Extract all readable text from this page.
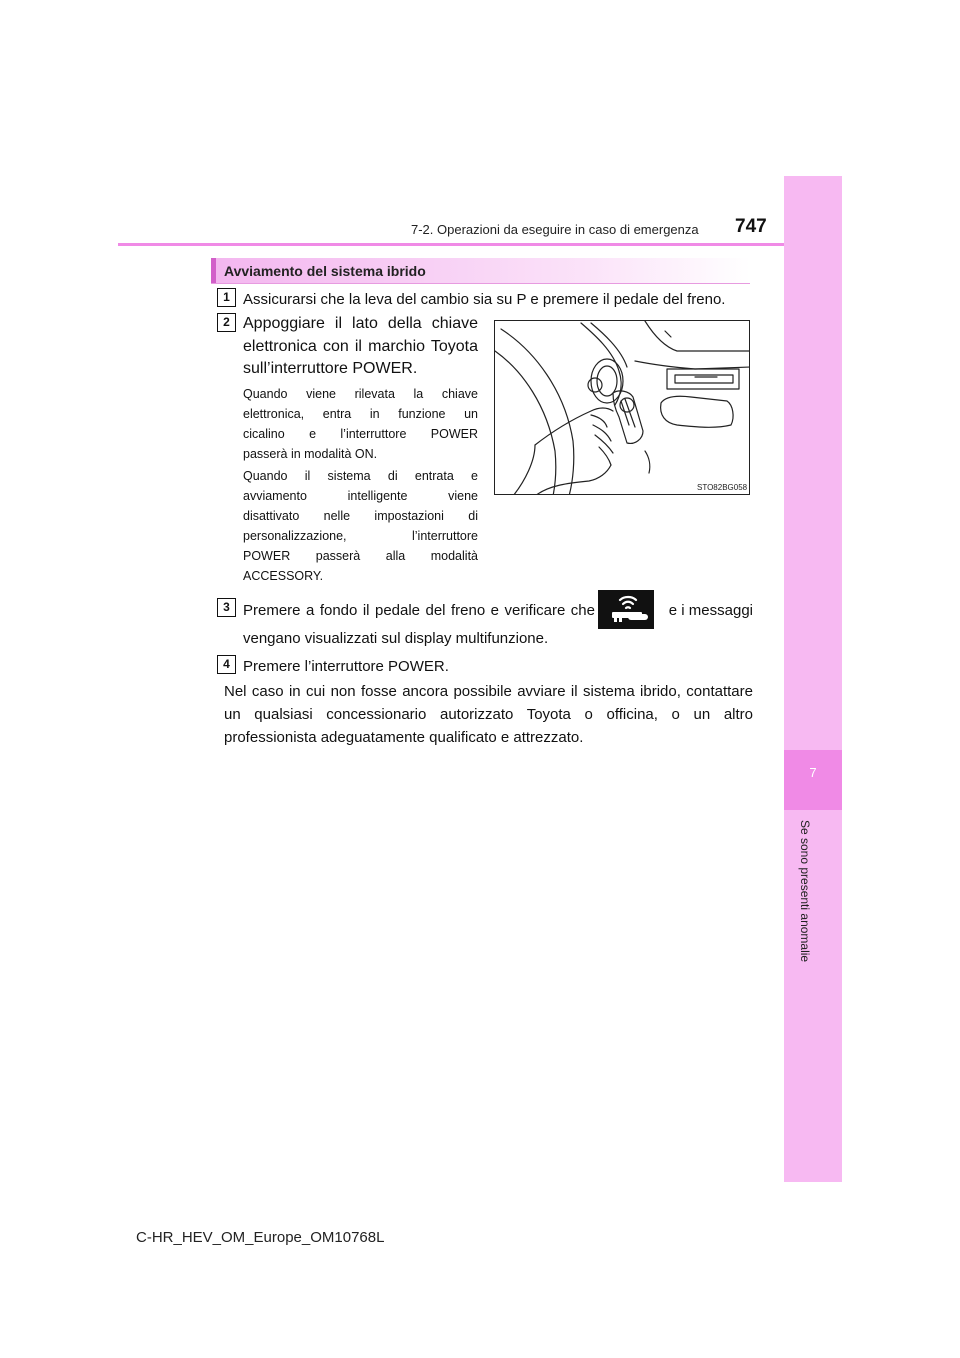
7
Se sono presenti anomalie
7-2. Operazioni da eseguire in caso di emergenza 747
Avviamento del sistema ibrido
1 Assicurarsi che la leva del cambio sia su P e premere il pedale del freno.
2 Appoggiare il lato della chiave
elettronica con il marchio Toyota
sull’interruttore POWER.
Quando viene rilevata la chiave
elettronica, entra in funzione un
cicalino e l’interruttore POWER
passerà in modalità ON.
Quando il sistema di entrata e
avviamento intelligente viene
disattivato nelle impostazioni di
personalizzazione, l’interruttore
POWER passerà alla modalità
ACCESSORY.
STO82BG058
3 Premere a fondo il pedale del freno e verificare che	e i messaggi
vengano visualizzati sul display multifunzione.
4 Premere l’interruttore POWER.
Nel caso in cui non fosse ancora possibile avviare il sistema ibrido, contattare
un qualsiasi concessionario autorizzato Toyota o officina, o un altro
professionista adeguatamente qualificato e attrezzato.
C-HR_HEV_OM_Europe_OM10768L
